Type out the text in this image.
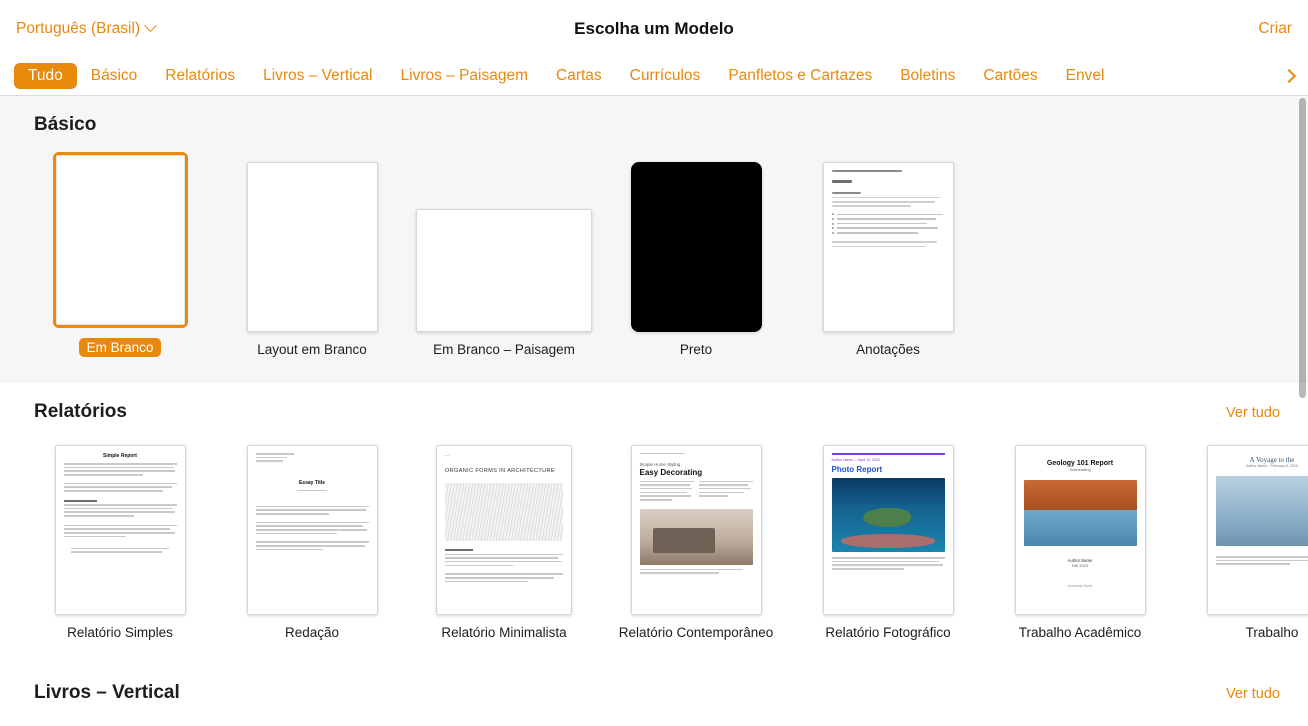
Português (Brasil)	Escolha um Modelo	Criar
Tudo	Básico	Relatórios	Livros – Vertical	Livros – Paisagem	Cartas	Currículos	Panfletos e Cartazes	Boletins	Cartões	Envel
Básico
Em Branco	Layout em Branco	Em Branco – Paisagem	Preto	Anotações
Relatórios	Ver tudo
Simple Report
Relatório Simples
Essay Title
Redação
—
ORGANIC FORMS IN ARCHITECTURE
Relatório Minimalista
Simple Home Styling
Easy Decorating
Relatório Contemporâneo
Author Name — April 10, 2022
Photo Report
Relatório Fotográfico
Geology 101 Report
Subheading
Author Name
Fall 2023
University Name
Trabalho Acadêmico
A Voyage to the
Author Name · February 8, 2023
Trabalho
Livros – Vertical	Ver tudo
